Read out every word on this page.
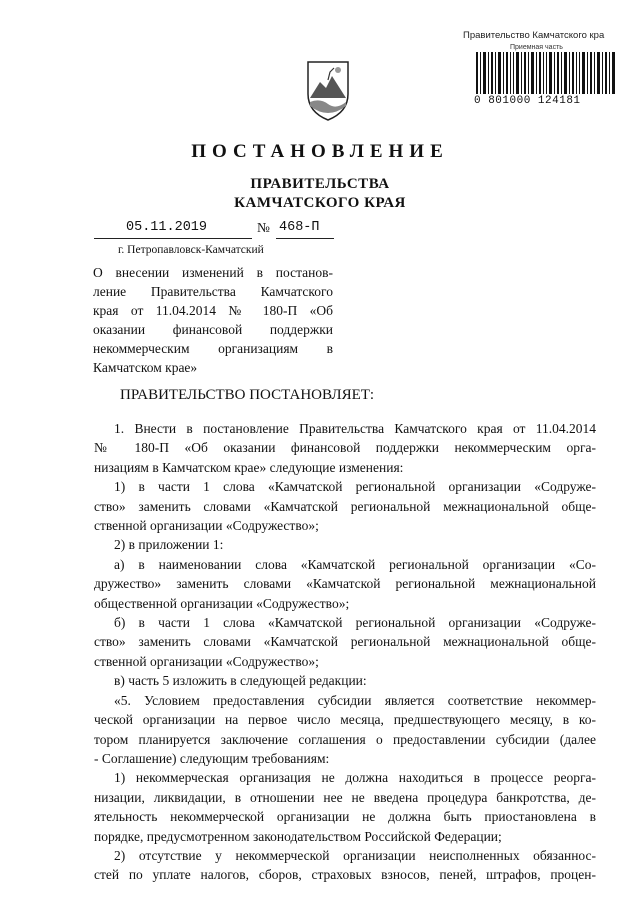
Правительство Камчатского кра
Приемная часть
0 801000 124181
ПОСТАНОВЛЕНИЕ
ПРАВИТЕЛЬСТВА
КАМЧАТСКОГО КРАЯ
05.11.2019	№ 468-П
г. Петропавловск-Камчатский
О внесении изменений в постанов-
ление Правительства Камчатского
края от 11.04.2014 № 180-П «Об
оказании финансовой поддержки
некоммерческим организациям в
Камчатском крае»
ПРАВИТЕЛЬСТВО ПОСТАНОВЛЯЕТ:
1. Внести в постановление Правительства Камчатского края от 11.04.2014
№ 180-П «Об оказании финансовой поддержки некоммерческим орга-
низациям в Камчатском крае» следующие изменения:
1) в части 1 слова «Камчатской региональной организации «Содруже-
ство» заменить словами «Камчатской региональной межнациональной обще-
ственной организации «Содружество»;
2) в приложении 1:
а) в наименовании слова «Камчатской региональной организации «Со-
дружество» заменить словами «Камчатской региональной межнациональной
общественной организации «Содружество»;
б) в части 1 слова «Камчатской региональной организации «Содруже-
ство» заменить словами «Камчатской региональной межнациональной обще-
ственной организации «Содружество»;
в) часть 5 изложить в следующей редакции:
«5. Условием предоставления субсидии является соответствие некоммер-
ческой организации на первое число месяца, предшествующего месяцу, в ко-
тором планируется заключение соглашения о предоставлении субсидии (далее
- Соглашение) следующим требованиям:
1) некоммерческая организация не должна находиться в процессе реорга-
низации, ликвидации, в отношении нее не введена процедура банкротства, де-
ятельность некоммерческой организации не должна быть приостановлена в
порядке, предусмотренном законодательством Российской Федерации;
2) отсутствие у некоммерческой организации неисполненных обязаннос-
стей по уплате налогов, сборов, страховых взносов, пеней, штрафов, процен-
